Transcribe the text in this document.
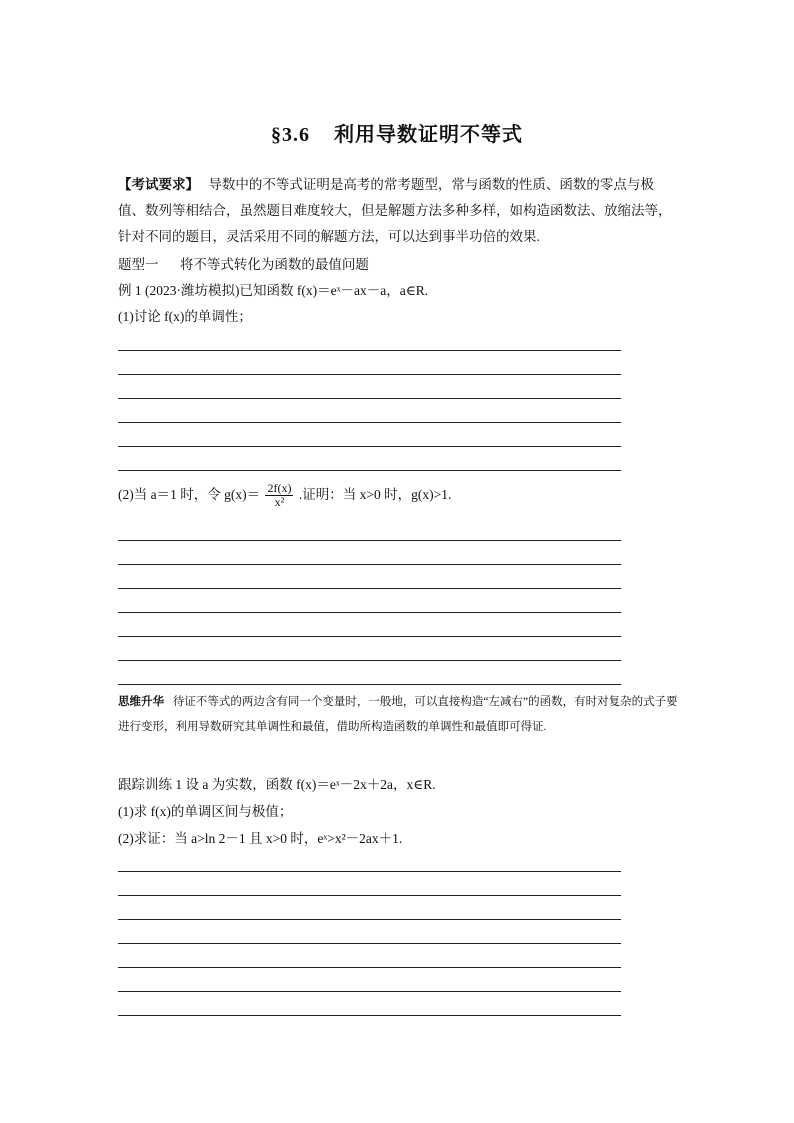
§3.6 利用导数证明不等式
【考试要求】 导数中的不等式证明是高考的常考题型，常与函数的性质、函数的零点与极值、数列等相结合，虽然题目难度较大，但是解题方法多种多样，如构造函数法、放缩法等，针对不同的题目，灵活采用不同的解题方法，可以达到事半功倍的效果.
题型一 将不等式转化为函数的最值问题
例 1 (2023·潍坊模拟)已知函数 f(x)＝eˣ－ax－a，a∈R.
(1)讨论 f(x)的单调性；
(2)当 a＝1 时，令 $g(x)= \frac{2f(x)}{\text{x²}}$ .证明：当 x>0 时，g(x)>1.
思维升华 待证不等式的两边含有同一个变量时，一般地，可以直接构造“左减右”的函数，有时对复杂的式子要进行变形，利用导数研究其单调性和最值，借助所构造函数的单调性和最值即可得证.
跟踪训练 1 设 a 为实数，函数 f(x)＝eˣ－2x＋2a，x∈R.
(1)求 f(x)的单调区间与极值；
(2)求证：当 a>ln 2－1 且 x>0 时，eˣ>x²－2ax＋1.
